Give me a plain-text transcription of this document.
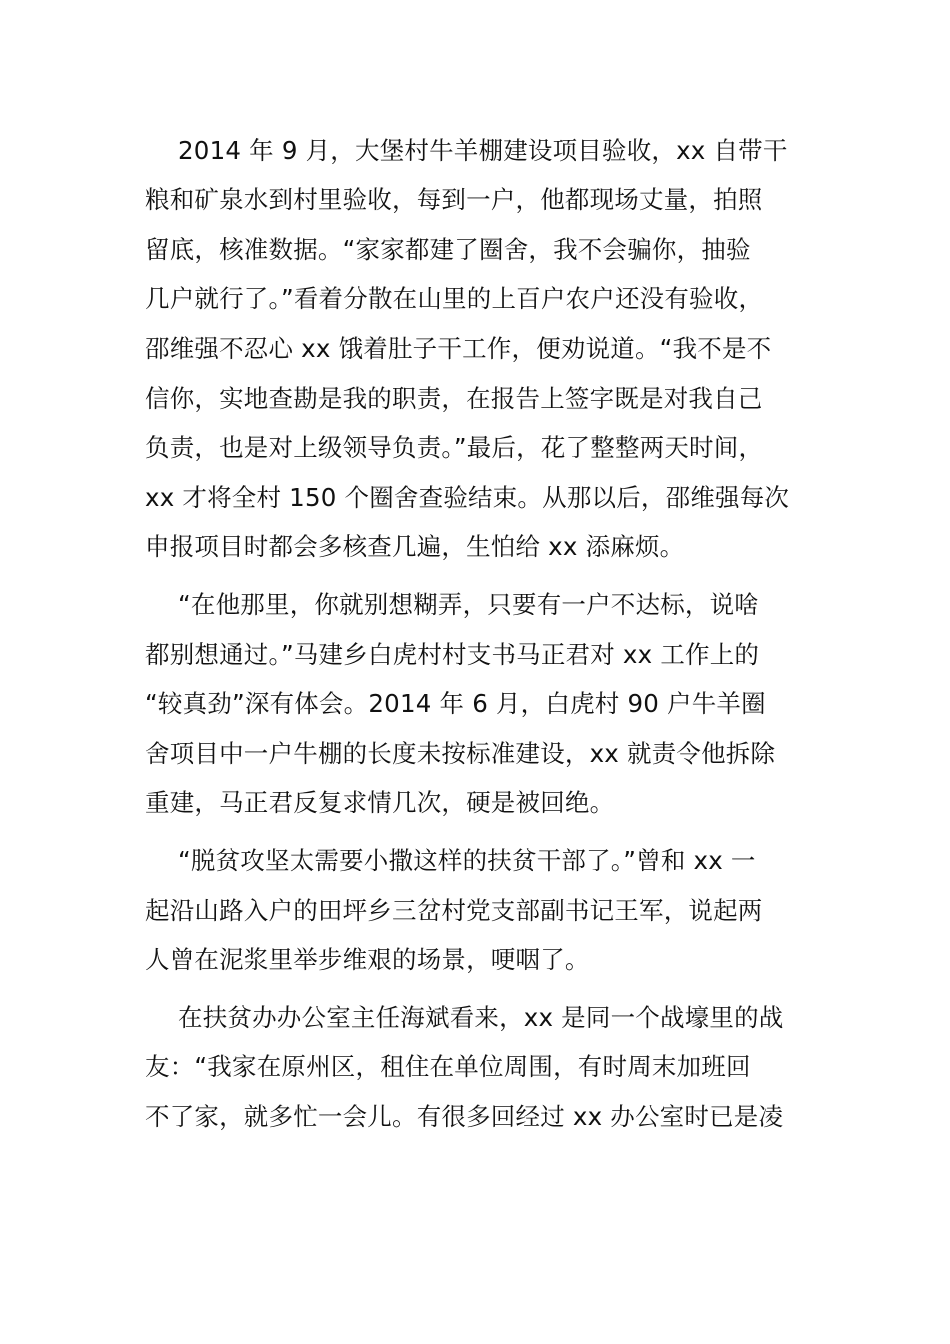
2014 年 9 月，大堡村牛羊棚建设项目验收，xx 自带干
粮和矿泉水到村里验收，每到一户，他都现场丈量，拍照
留底，核准数据。“家家都建了圈舍，我不会骗你，抽验
几户就行了。”看着分散在山里的上百户农户还没有验收，
邵维强不忍心 xx 饿着肚子干工作，便劝说道。“我不是不
信你，实地查勘是我的职责，在报告上签字既是对我自己
负责，也是对上级领导负责。”最后，花了整整两天时间，
xx 才将全村 150 个圈舍查验结束。从那以后，邵维强每次
申报项目时都会多核查几遍，生怕给 xx 添麻烦。
“在他那里，你就别想糊弄，只要有一户不达标，说啥
都别想通过。”马建乡白虎村村支书马正君对 xx 工作上的
“较真劲”深有体会。2014 年 6 月，白虎村 90 户牛羊圈
舍项目中一户牛棚的长度未按标准建设，xx 就责令他拆除
重建，马正君反复求情几次，硬是被回绝。
“脱贫攻坚太需要小撒这样的扶贫干部了。”曾和 xx 一
起沿山路入户的田坪乡三岔村党支部副书记王军，说起两
人曾在泥浆里举步维艰的场景，哽咽了。
在扶贫办办公室主任海斌看来，xx 是同一个战壕里的战
友：“我家在原州区，租住在单位周围，有时周末加班回
不了家，就多忙一会儿。有很多回经过 xx 办公室时已是凌
